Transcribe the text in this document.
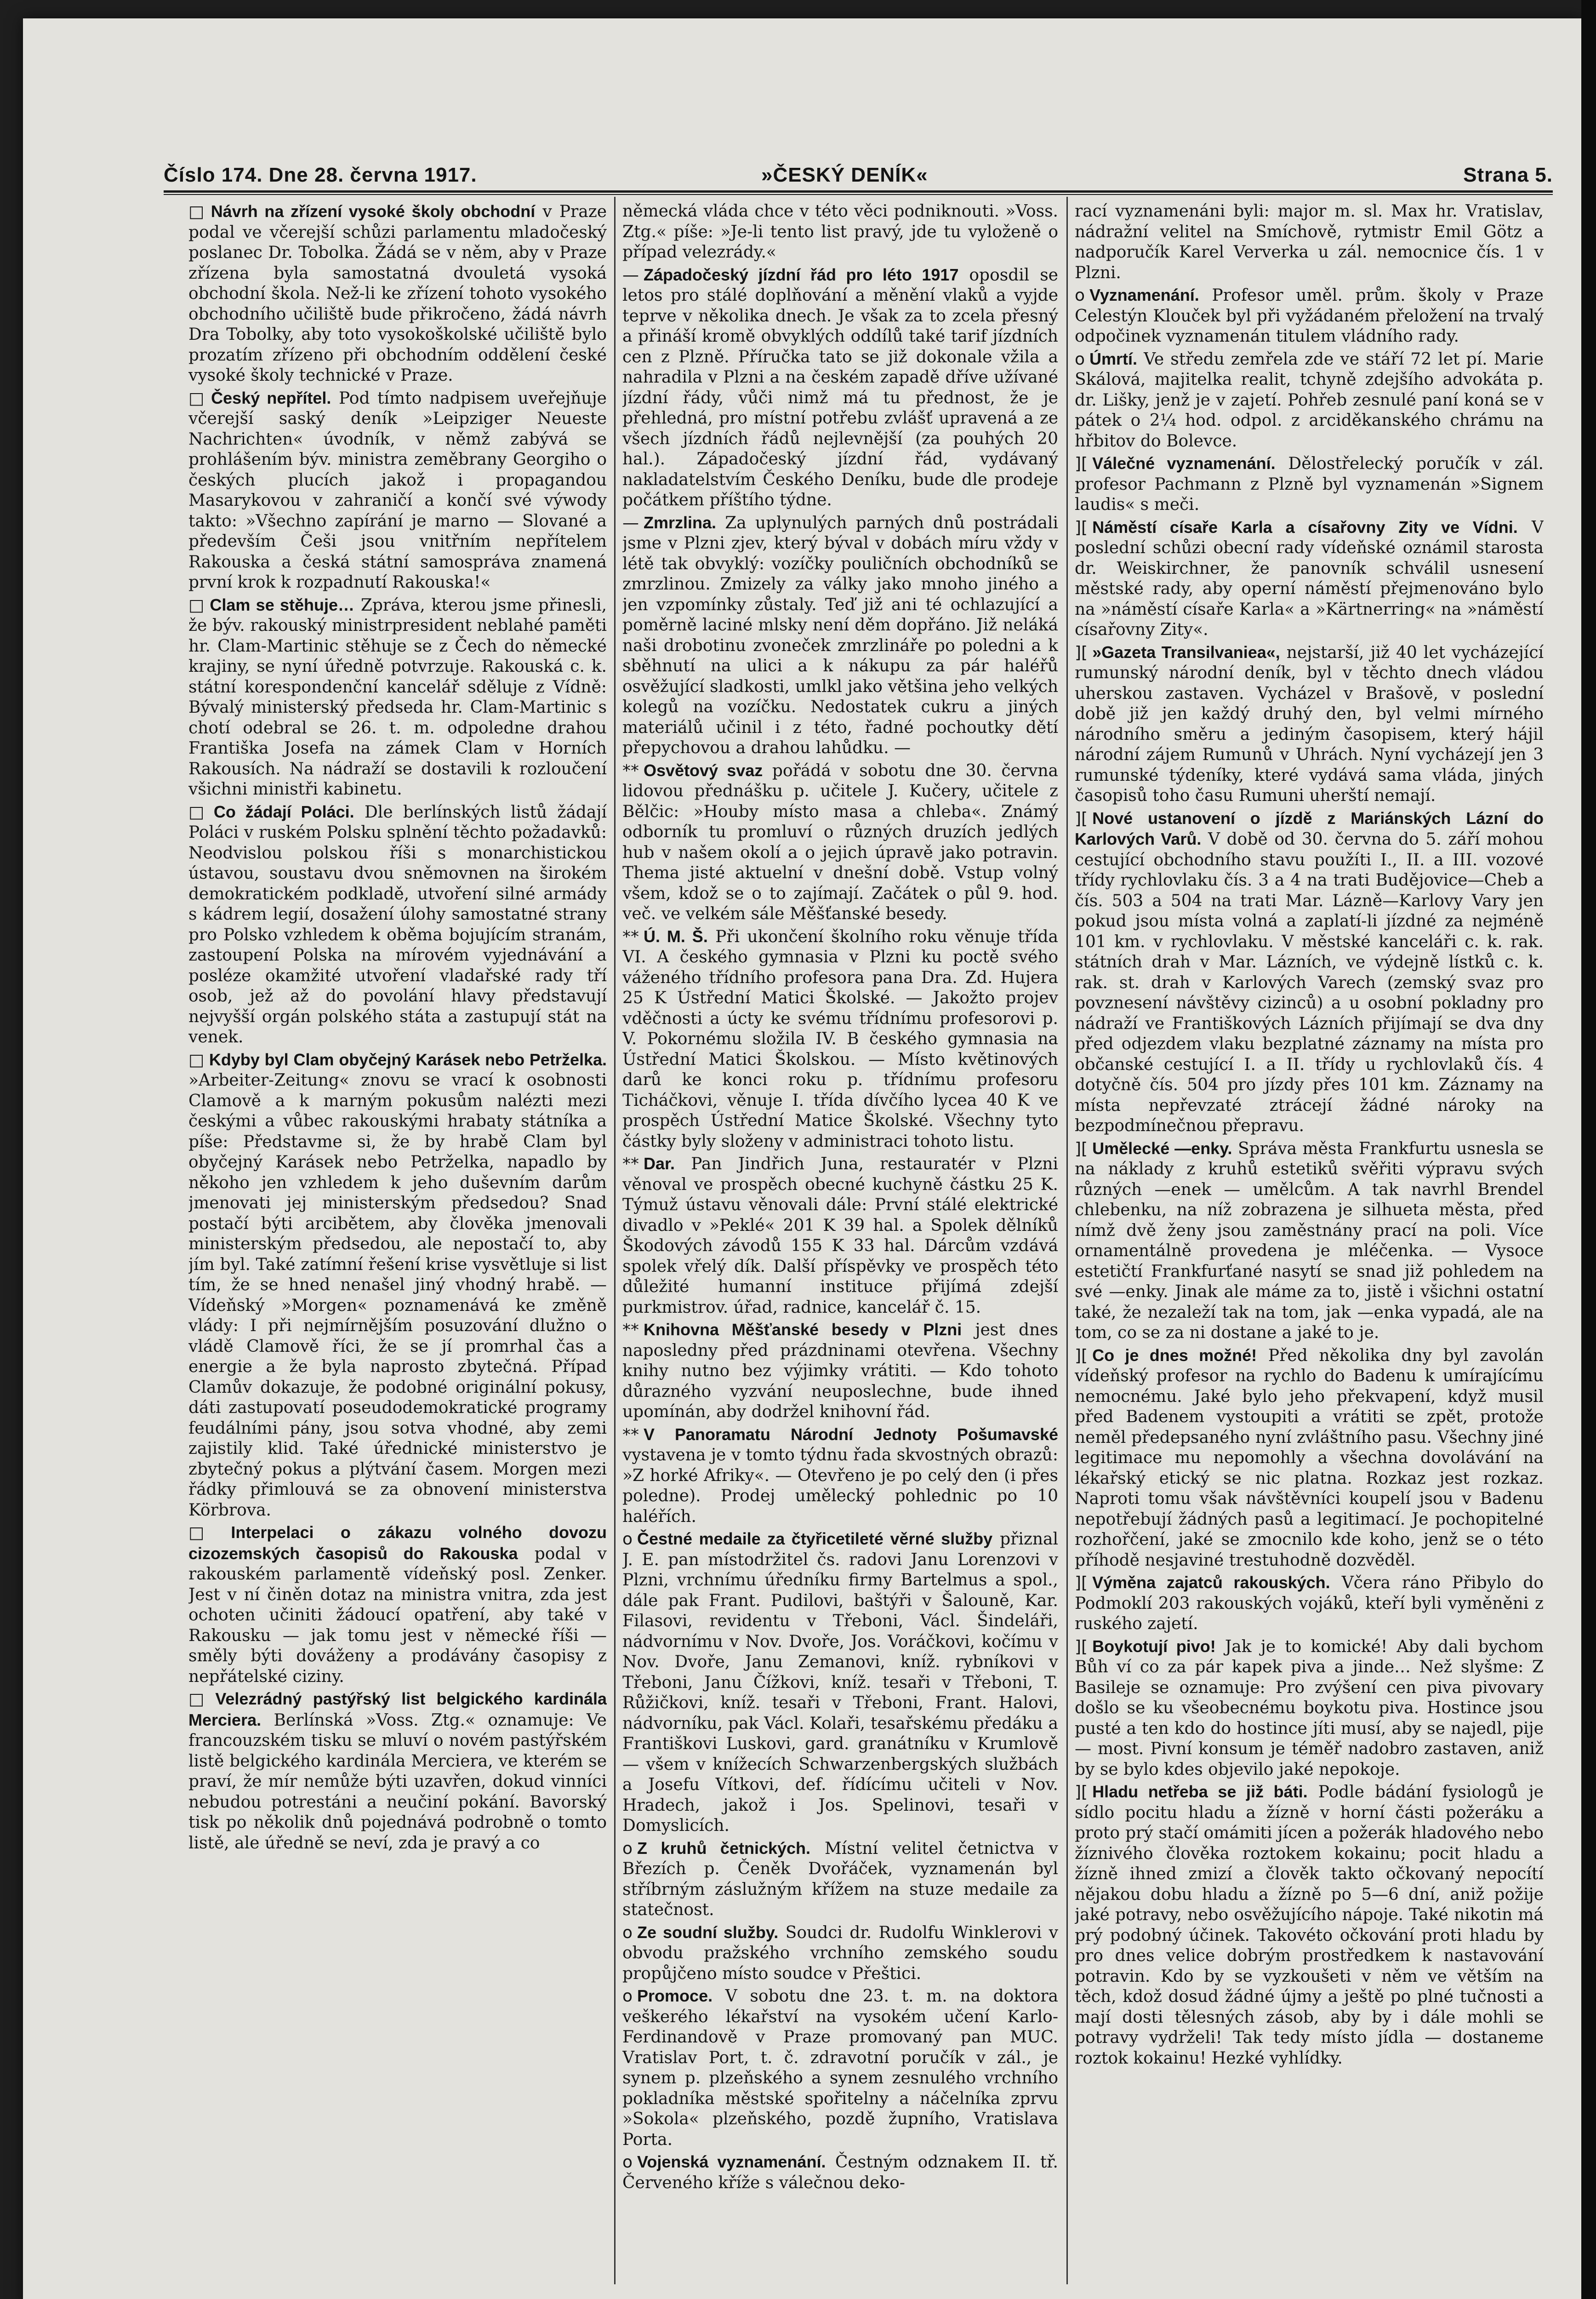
Číslo 174. Dne 28. června 1917.	»ČESKÝ DENÍK«	Strana 5.

□ Návrh na zřízení vysoké školy obchodní v Praze podal ve včerejší schůzi parlamentu mladočeský poslanec Dr. Tobolka. Žádá se v něm, aby v Praze zřízena byla samostatná dvouletá vysoká obchodní škola. Než-li ke zřízení tohoto vysokého obchodního učiliště bude přikročeno, žádá návrh Dra Tobolky, aby toto vysokoškolské učiliště bylo prozatím zřízeno při obchodním oddělení české vysoké školy technické v Praze.

□ Český nepřítel. Pod tímto nadpisem uveřejňuje včerejší saský deník »Leipziger Neueste Nachrichten« úvodník, v němž zabývá se prohlášením býv. ministra zeměbrany Georgiho o českých plucích jakož i propagandou Masarykovou v zahraničí a končí své výwody takto: »Všechno zapírání je marno — Slované a především Češi jsou vnitřním nepřítelem Rakouska a česká státní samospráva znamená první krok k rozpadnutí Rakouska!«

□ Clam se stěhuje… Zpráva, kterou jsme přinesli, že býv. rakouský ministrpresident neblahé paměti hr. Clam-Martinic stěhuje se z Čech do německé krajiny, se nyní úředně potvrzuje. Rakouská c. k. státní korespondenční kancelář sděluje z Vídně: Bývalý ministerský předseda hr. Clam-Martinic s chotí odebral se 26. t. m. odpoledne drahou Františka Josefa na zámek Clam v Horních Rakousích. Na nádraží se dostavili k rozloučení všichni ministři kabinetu.

□ Co žádají Poláci. Dle berlínských listů žádají Poláci v ruském Polsku splnění těchto požadavků: Neodvislou polskou říši s monarchistickou ústavou, soustavu dvou sněmovnen na širokém demokratickém podkladě, utvoření silné armády s kádrem legií, dosažení úlohy samostatné strany pro Polsko vzhledem k oběma bojujícím stranám, zastoupení Polska na mírovém vyjednávání a posléze okamžité utvoření vladařské rady tří osob, jež až do povolání hlavy představují nejvyšší orgán polského státa a zastupují stát na venek.

□ Kdyby byl Clam obyčejný Karásek nebo Petrželka. »Arbeiter-Zeitung« znovu se vrací k osobnosti Clamově a k marným pokusům nalézti mezi českými a vůbec rakouskými hrabaty státníka a píše: Představme si, že by hrabě Clam byl obyčejný Karásek nebo Petrželka, napadlo by někoho jen vzhledem k jeho duševním darům jmenovati jej ministerským předsedou? Snad postačí býti arcibětem, aby člověka jmenovali ministerským předsedou, ale nepostačí to, aby jím byl. Také zatímní řešení krise vysvětluje si list tím, že se hned nenašel jiný vhodný hrabě. — Vídeňský »Morgen« poznamenává ke změně vlády: I při nejmírnějším posuzování dlužno o vládě Clamově říci, že se jí promrhal čas a energie a že byla naprosto zbytečná. Případ Clamův dokazuje, že podobné originální pokusy, dáti zastupovatí poseudodemokratické programy feudálními pány, jsou sotva vhodné, aby zemi zajistily klid. Také úřednické ministerstvo je zbytečný pokus a plýtvání časem. Morgen mezi řádky přimlouvá se za obnovení ministerstva Körbrova.

□ Interpelaci o zákazu volného dovozu cizozemských časopisů do Rakouska podal v rakouském parlamentě vídeňský posl. Zenker. Jest v ní činěn dotaz na ministra vnitra, zda jest ochoten učiniti žádoucí opatření, aby také v Rakousku — jak tomu jest v německé říši — směly býti dováženy a prodávány časopisy z nepřátelské ciziny.

□ Velezrádný pastýřský list belgického kardinála Merciera. Berlínská »Voss. Ztg.« oznamuje: Ve francouzském tisku se mluví o novém pastýřském listě belgického kardinála Merciera, ve kterém se praví, že mír nemůže býti uzavřen, dokud vinníci nebudou potrestáni a neučiní pokání. Bavorský tisk po několik dnů pojednává podrobně o tomto listě, ale úředně se neví, zda je pravý a co

německá vláda chce v této věci podniknouti. »Voss. Ztg.« píše: »Je-li tento list pravý, jde tu vyloženě o případ velezrády.«

— Západočeský jízdní řád pro léto 1917 oposdil se letos pro stálé doplňování a měnění vlaků a vyjde teprve v několika dnech. Je však za to zcela přesný a přináší kromě obvyklých oddílů také tarif jízdních cen z Plzně. Příručka tato se již dokonale vžila a nahradila v Plzni a na českém zapadě dříve užívané jízdní řády, vůči nimž má tu přednost, že je přehledná, pro místní potřebu zvlášť upravená a ze všech jízdních řádů nejlevnější (za pouhých 20 hal.). Západočeský jízdní řád, vydávaný nakladatelstvím Českého Deníku, bude dle prodeje počátkem příštího týdne.

— Zmrzlina. Za uplynulých parných dnů postrádali jsme v Plzni zjev, který býval v dobách míru vždy v létě tak obvyklý: vozíčky pouličních obchodníků se zmrzlinou. Zmizely za války jako mnoho jiného a jen vzpomínky zůstaly. Teď již ani té ochlazující a poměrně laciné mlsky není děm dopřáno. Již neláká naši drobotinu zvoneček zmrzlináře po poledni a k sběhnutí na ulici a k nákupu za pár haléřů osvěžující sladkosti, umlkl jako většina jeho velkých kolegů na vozíčku. Nedostatek cukru a jiných materiálů učinil i z této, řadné pochoutky dětí přepychovou a drahou lahůdku. —

** Osvětový svaz pořádá v sobotu dne 30. června lidovou přednášku p. učitele J. Kučery, učitele z Bělčic: »Houby místo masa a chleba«. Známý odborník tu promluví o různých druzích jedlých hub v našem okolí a o jejich úpravě jako potravin. Thema jisté aktuelní v dnešní době. Vstup volný všem, kdož se o to zajímají. Začátek o půl 9. hod. več. ve velkém sále Měšťanské besedy.

** Ú. M. Š. Při ukončení školního roku věnuje třída VI. A českého gymnasia v Plzni ku poctě svého váženého třídního profesora pana Dra. Zd. Hujera 25 K Ústřední Matici Školské. — Jakožto projev vděčnosti a úcty ke svému třídnímu profesorovi p. V. Pokornému složila IV. B českého gymnasia na Ústřední Matici Školskou. — Místo květinových darů ke konci roku p. třídnímu profesoru Ticháčkovi, věnuje I. třída dívčího lycea 40 K ve prospěch Ústřední Matice Školské. Všechny tyto částky byly složeny v administraci tohoto listu.

** Dar. Pan Jindřich Juna, restauratér v Plzni věnoval ve prospěch obecné kuchyně částku 25 K. Týmuž ústavu věnovali dále: První stálé elektrické divadlo v »Peklé« 201 K 39 hal. a Spolek dělníků Škodových závodů 155 K 33 hal. Dárcům vzdává spolek vřelý dík. Další příspěvky ve prospěch této důležité humanní instituce přijímá zdejší purkmistrov. úřad, radnice, kancelář č. 15.

** Knihovna Měšťanské besedy v Plzni jest dnes naposledny před prázdninami otevřena. Všechny knihy nutno bez výjimky vrátiti. — Kdo tohoto důrazného vyzvání neuposlechne, bude ihned upomínán, aby dodržel knihovní řád.

** V Panoramatu Národní Jednoty Pošumavské vystavena je v tomto týdnu řada skvostných obrazů: »Z horké Afriky«. — Otevřeno je po celý den (i přes poledne). Prodej umělecký pohlednic po 10 haléřích.

o Čestné medaile za čtyřicetileté věrné služby přiznal J. E. pan místodržitel čs. radovi Janu Lorenzovi v Plzni, vrchnímu úředníku firmy Bartelmus a spol., dále pak Frant. Pudilovi, baštýři v Šalouně, Kar. Filasovi, revidentu v Třeboni, Václ. Šindeláři, nádvornímu v Nov. Dvoře, Jos. Voráčkovi, kočímu v Nov. Dvoře, Janu Zemanovi, kníž. rybníkovi v Třeboni, Janu Čížkovi, kníž. tesaři v Třeboni, T. Růžičkovi, kníž. tesaři v Třeboni, Frant. Halovi, nádvorníku, pak Václ. Kolaři, tesařskému předáku a Františkovi Luskovi, gard. granátníku v Krumlově — všem v knížecích Schwarzenbergských službách a Josefu Vítkovi, def. řídícímu učiteli v Nov. Hradech, jakož i Jos. Spelinovi, tesaři v Domyslicích.

o Z kruhů četnických. Místní velitel četnictva v Březích p. Čeněk Dvořáček, vyznamenán byl stříbrným záslužným křížem na stuze medaile za statečnost.

o Ze soudní služby. Soudci dr. Rudolfu Winklerovi v obvodu pražského vrchního zemského soudu propůjčeno místo soudce v Přeštici.

o Promoce. V sobotu dne 23. t. m. na doktora veškerého lékařství na vysokém učení Karlo-Ferdinandově v Praze promovaný pan MUC. Vratislav Port, t. č. zdravotní poručík v zál., je synem p. plzeňského a synem zesnulého vrchního pokladníka městské spořitelny a náčelníka zprvu »Sokola« plzeňského, pozdě župního, Vratislava Porta.

o Vojenská vyznamenání. Čestným odznakem II. tř. Červeného kříže s válečnou deko-

rací vyznamenáni byli: major m. sl. Max hr. Vratislav, nádražní velitel na Smíchově, rytmistr Emil Götz a nadporučík Karel Ververka u zál. nemocnice čís. 1 v Plzni.

o Vyznamenání. Profesor uměl. prům. školy v Praze Celestýn Klouček byl při vyžádaném přeložení na trvalý odpočinek vyznamenán titulem vládního rady.

o Úmrtí. Ve středu zemřela zde ve stáří 72 let pí. Marie Skálová, majitelka realit, tchyně zdejšího advokáta p. dr. Lišky, jenž je v zajetí. Pohřeb zesnulé paní koná se v pátek o 2¼ hod. odpol. z arciděkanského chrámu na hřbitov do Bolevce.

][ Válečné vyznamenání. Dělostřelecký poručík v zál. profesor Pachmann z Plzně byl vyznamenán »Signem laudis« s meči.

][ Náměstí císaře Karla a císařovny Zity ve Vídni. V poslední schůzi obecní rady vídeňské oznámil starosta dr. Weiskirchner, že panovník schválil usnesení městské rady, aby operní náměstí přejmenováno bylo na »náměstí císaře Karla« a »Kärtnerring« na »náměstí císařovny Zity«.

][ »Gazeta Transilvaniea«, nejstarší, již 40 let vycházející rumunský národní deník, byl v těchto dnech vládou uherskou zastaven. Vycházel v Brašově, v poslední době již jen každý druhý den, byl velmi mírného národního směru a jediným časopisem, který hájil národní zájem Rumunů v Uhrách. Nyní vycházejí jen 3 rumunské týdeníky, které vydává sama vláda, jiných časopisů toho času Rumuni uherští nemají.

][ Nové ustanovení o jízdě z Mariánských Lázní do Karlových Varů. V době od 30. června do 5. září mohou cestující obchodního stavu použíti I., II. a III. vozové třídy rychlovlaku čís. 3 a 4 na trati Budějovice—Cheb a čís. 503 a 504 na trati Mar. Lázně—Karlovy Vary jen pokud jsou místa volná a zaplatí-li jízdné za nejméně 101 km. v rychlovlaku. V městské kanceláři c. k. rak. státních drah v Mar. Lázních, ve výdejně lístků c. k. rak. st. drah v Karlových Varech (zemský svaz pro povznesení návštěvy cizinců) a u osobní pokladny pro nádraží ve Františkových Lázních přijímají se dva dny před odjezdem vlaku bezplatné záznamy na místa pro občanské cestující I. a II. třídy u rychlovlaků čís. 4 dotyčně čís. 504 pro jízdy přes 101 km. Záznamy na místa nepřevzaté ztrácejí žádné nároky na bezpodmínečnou přepravu.

][ Umělecké —enky. Správa města Frankfurtu usnesla se na náklady z kruhů estetiků svěřiti výpravu svých různých —enek — umělcům. A tak navrhl Brendel chlebenku, na níž zobrazena je silhueta města, před nímž dvě ženy jsou zaměstnány prací na poli. Více ornamentálně provedena je mléčenka. — Vysoce estetičtí Frankfurťané nasytí se snad již pohledem na své —enky. Jinak ale máme za to, jistě i všichni ostatní také, že nezaleží tak na tom, jak —enka vypadá, ale na tom, co se za ni dostane a jaké to je.

][ Co je dnes možné! Před několika dny byl zavolán vídeňský profesor na rychlo do Badenu k umírajícímu nemocnému. Jaké bylo jeho překvapení, když musil před Badenem vystoupiti a vrátiti se zpět, protože neměl předepsaného nyní zvláštního pasu. Všechny jiné legitimace mu nepomohly a všechna dovolávání na lékařský etický se nic platna. Rozkaz jest rozkaz. Naproti tomu však návštěvníci koupelí jsou v Badenu nepotřebují žádných pasů a legitimací. Je pochopitelné rozhořčení, jaké se zmocnilo kde koho, jenž se o této příhodě nesjaviné trestuhodně dozvěděl.

][ Výměna zajatců rakouských. Včera ráno Přibylo do Podmoklí 203 rakouských vojáků, kteří byli vyměněni z ruského zajetí.

][ Boykotují pivo! Jak je to komické! Aby dali bychom Bůh ví co za pár kapek piva a jinde… Než slyšme: Z Basileje se oznamuje: Pro zvýšení cen piva pivovary došlo se ku všeobecnému boykotu piva. Hostince jsou pusté a ten kdo do hostince jíti musí, aby se najedl, pije — most. Pivní konsum je téměř nadobro zastaven, aniž by se bylo kdes objevilo jaké nepokoje.

][ Hladu netřeba se již báti. Podle bádání fysiologů je sídlo pocitu hladu a žízně v horní části požeráku a proto prý stačí omámiti jícen a požerák hladového nebo žíznivého člověka roztokem kokainu; pocit hladu a žízně ihned zmizí a člověk takto očkovaný nepocítí nějakou dobu hladu a žízně po 5—6 dní, aniž požije jaké potravy, nebo osvěžujícího nápoje. Také nikotin má prý podobný účinek. Takovéto očkování proti hladu by pro dnes velice dobrým prostředkem k nastavování potravin. Kdo by se vyzkoušeti v něm ve větším na těch, kdož dosud žádné újmy a ještě po plné tučnosti a mají dosti tělesných zásob, aby by i dále mohli se potravy vydrželi! Tak tedy místo jídla — dostaneme roztok kokainu! Hezké vyhlídky.
